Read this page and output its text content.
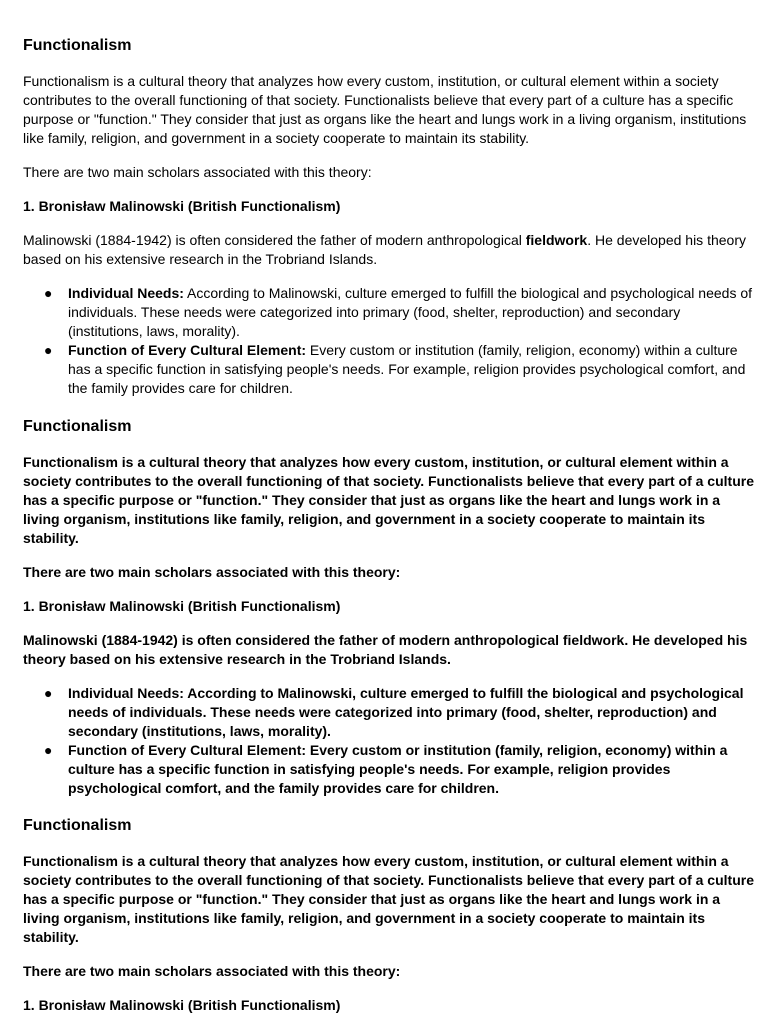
Functionalism

Functionalism is a cultural theory that analyzes how every custom, institution, or cultural element within a society contributes to the overall functioning of that society. Functionalists believe that every part of a culture has a specific purpose or "function." They consider that just as organs like the heart and lungs work in a living organism, institutions like family, religion, and government in a society cooperate to maintain its stability.

There are two main scholars associated with this theory:

1. Bronisław Malinowski (British Functionalism)

Malinowski (1884-1942) is often considered the father of modern anthropological fieldwork. He developed his theory based on his extensive research in the Trobriand Islands.

● Individual Needs: According to Malinowski, culture emerged to fulfill the biological and psychological needs of individuals. These needs were categorized into primary (food, shelter, reproduction) and secondary (institutions, laws, morality).
● Function of Every Cultural Element: Every custom or institution (family, religion, economy) within a culture has a specific function in satisfying people's needs. For example, religion provides psychological comfort, and the family provides care for children.
Functionalism

Functionalism is a cultural theory that analyzes how every custom, institution, or cultural element within a society contributes to the overall functioning of that society. Functionalists believe that every part of a culture has a specific purpose or "function." They consider that just as organs like the heart and lungs work in a living organism, institutions like family, religion, and government in a society cooperate to maintain its stability.

There are two main scholars associated with this theory:

1. Bronisław Malinowski (British Functionalism)

Malinowski (1884-1942) is often considered the father of modern anthropological fieldwork. He developed his theory based on his extensive research in the Trobriand Islands.

● Individual Needs: According to Malinowski, culture emerged to fulfill the biological and psychological needs of individuals. These needs were categorized into primary (food, shelter, reproduction) and secondary (institutions, laws, morality).
● Function of Every Cultural Element: Every custom or institution (family, religion, economy) within a culture has a specific function in satisfying people's needs. For example, religion provides psychological comfort, and the family provides care for children.
Functionalism

Functionalism is a cultural theory that analyzes how every custom, institution, or cultural element within a society contributes to the overall functioning of that society. Functionalists believe that every part of a culture has a specific purpose or "function." They consider that just as organs like the heart and lungs work in a living organism, institutions like family, religion, and government in a society cooperate to maintain its stability.

There are two main scholars associated with this theory:

1. Bronisław Malinowski (British Functionalism)
